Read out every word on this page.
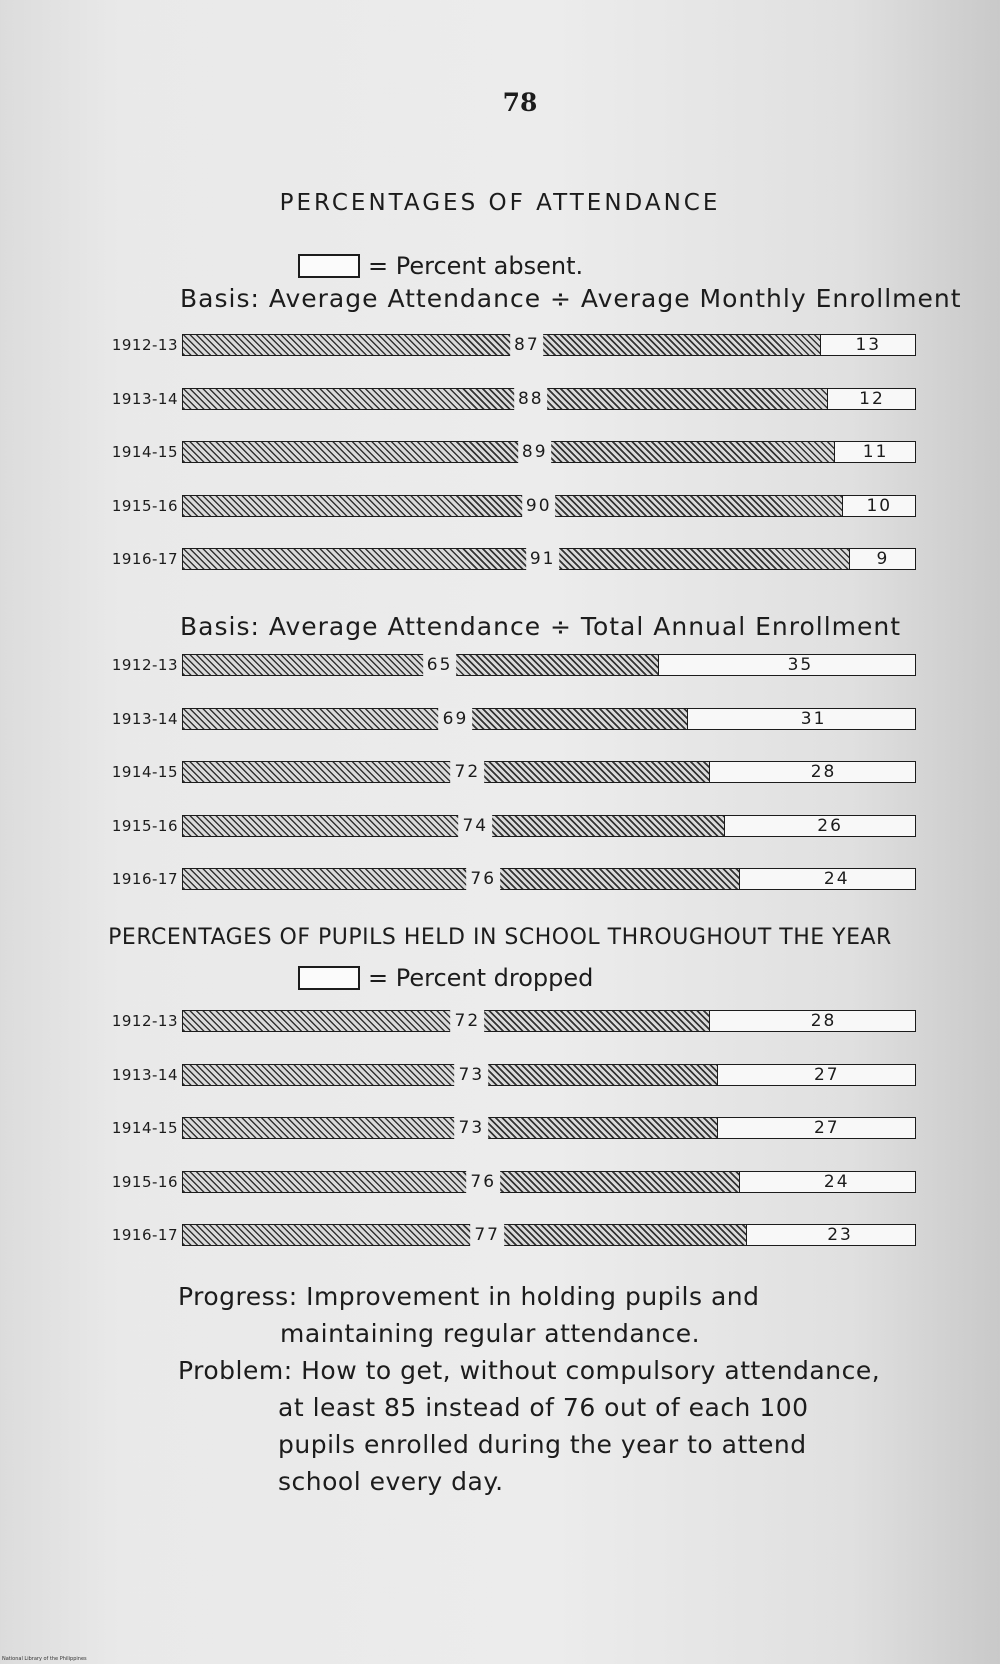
78
PERCENTAGES OF ATTENDANCE
= Percent absent.
Basis: Average Attendance ÷ Average Monthly Enrollment
1912-13	87	13
1913-14	88	12
1914-15	89	11
1915-16	90	10
1916-17	91	9
Basis: Average Attendance ÷ Total Annual Enrollment
1912-13	65	35
1913-14	69	31
1914-15	72	28
1915-16	74	26
1916-17	76	24
1912-13	72	28
1913-14	73	27
1914-15	73	27
1915-16	76	24
1916-17	77	23
PERCENTAGES OF PUPILS HELD IN SCHOOL THROUGHOUT THE YEAR
= Percent dropped

Progress: Improvement in holding pupils and

maintaining regular attendance.

Problem: How to get, without compulsory attendance,

at least 85 instead of 76 out of each 100

pupils enrolled during the year to attend

school every day.

National Library of the Philippines
